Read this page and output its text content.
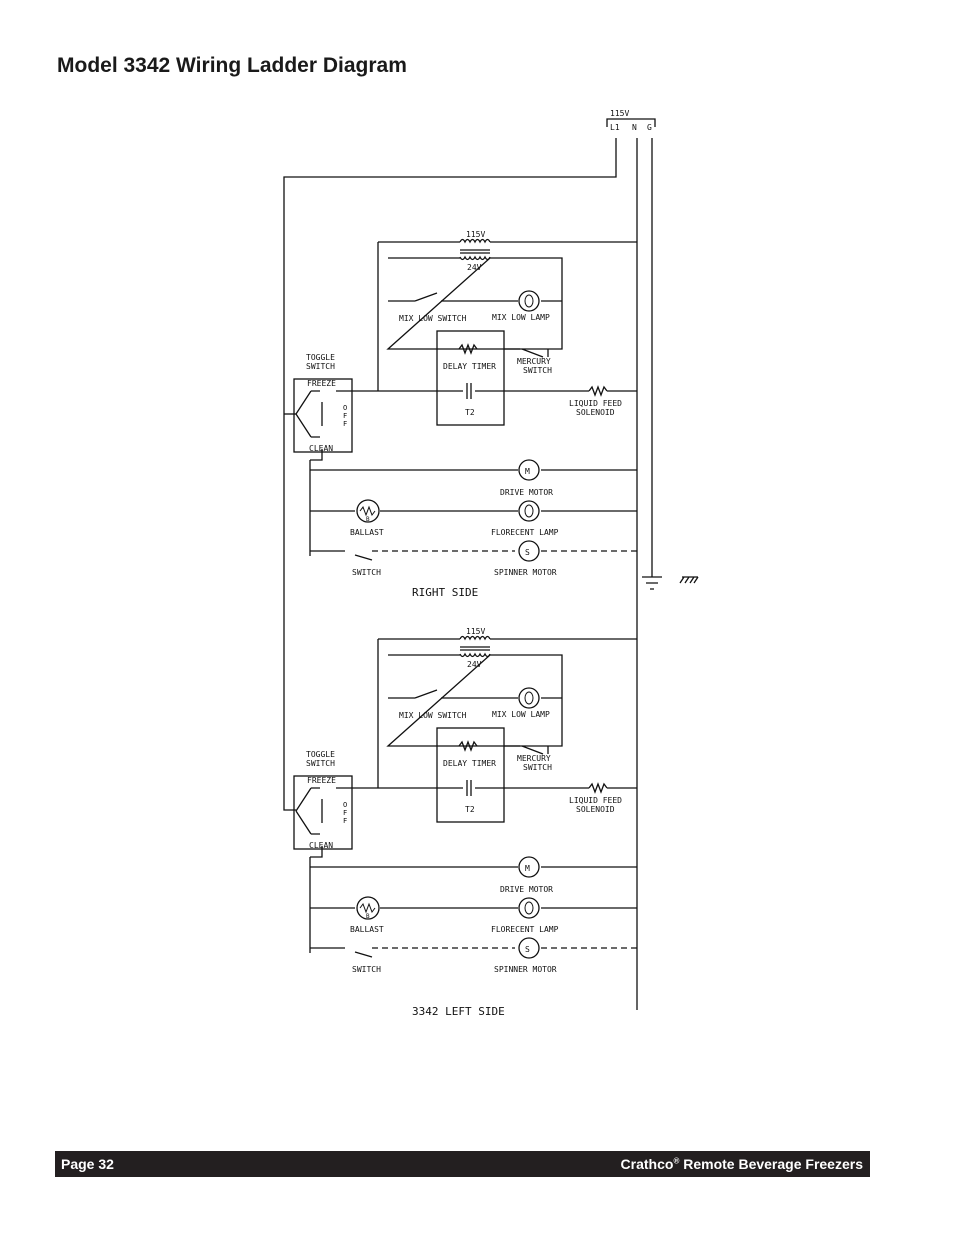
Model 3342 Wiring Ladder Diagram
115V
L1 N G
115V
24V
MIX LOW SWITCH	MIX LOW LAMP
TOGGLE
SWITCH
FREEZE
O
F
F
CLEAN
DELAY TIMER
T2
MERCURY
SWITCH
LIQUID FEED
SOLENOID
M
DRIVE MOTOR
BALLAST
B
FLORECENT LAMP
SWITCH
S
SPINNER MOTOR
RIGHT SIDE
115V
24V
MIX LOW SWITCH	MIX LOW LAMP
TOGGLE
SWITCH
FREEZE
O
F
F
CLEAN
DELAY TIMER
T2
MERCURY
SWITCH
LIQUID FEED
SOLENOID
M
DRIVE MOTOR
BALLAST
B
FLORECENT LAMP
SWITCH
S
SPINNER MOTOR
3342 LEFT SIDE
Page 32	Crathco® Remote Beverage Freezers
